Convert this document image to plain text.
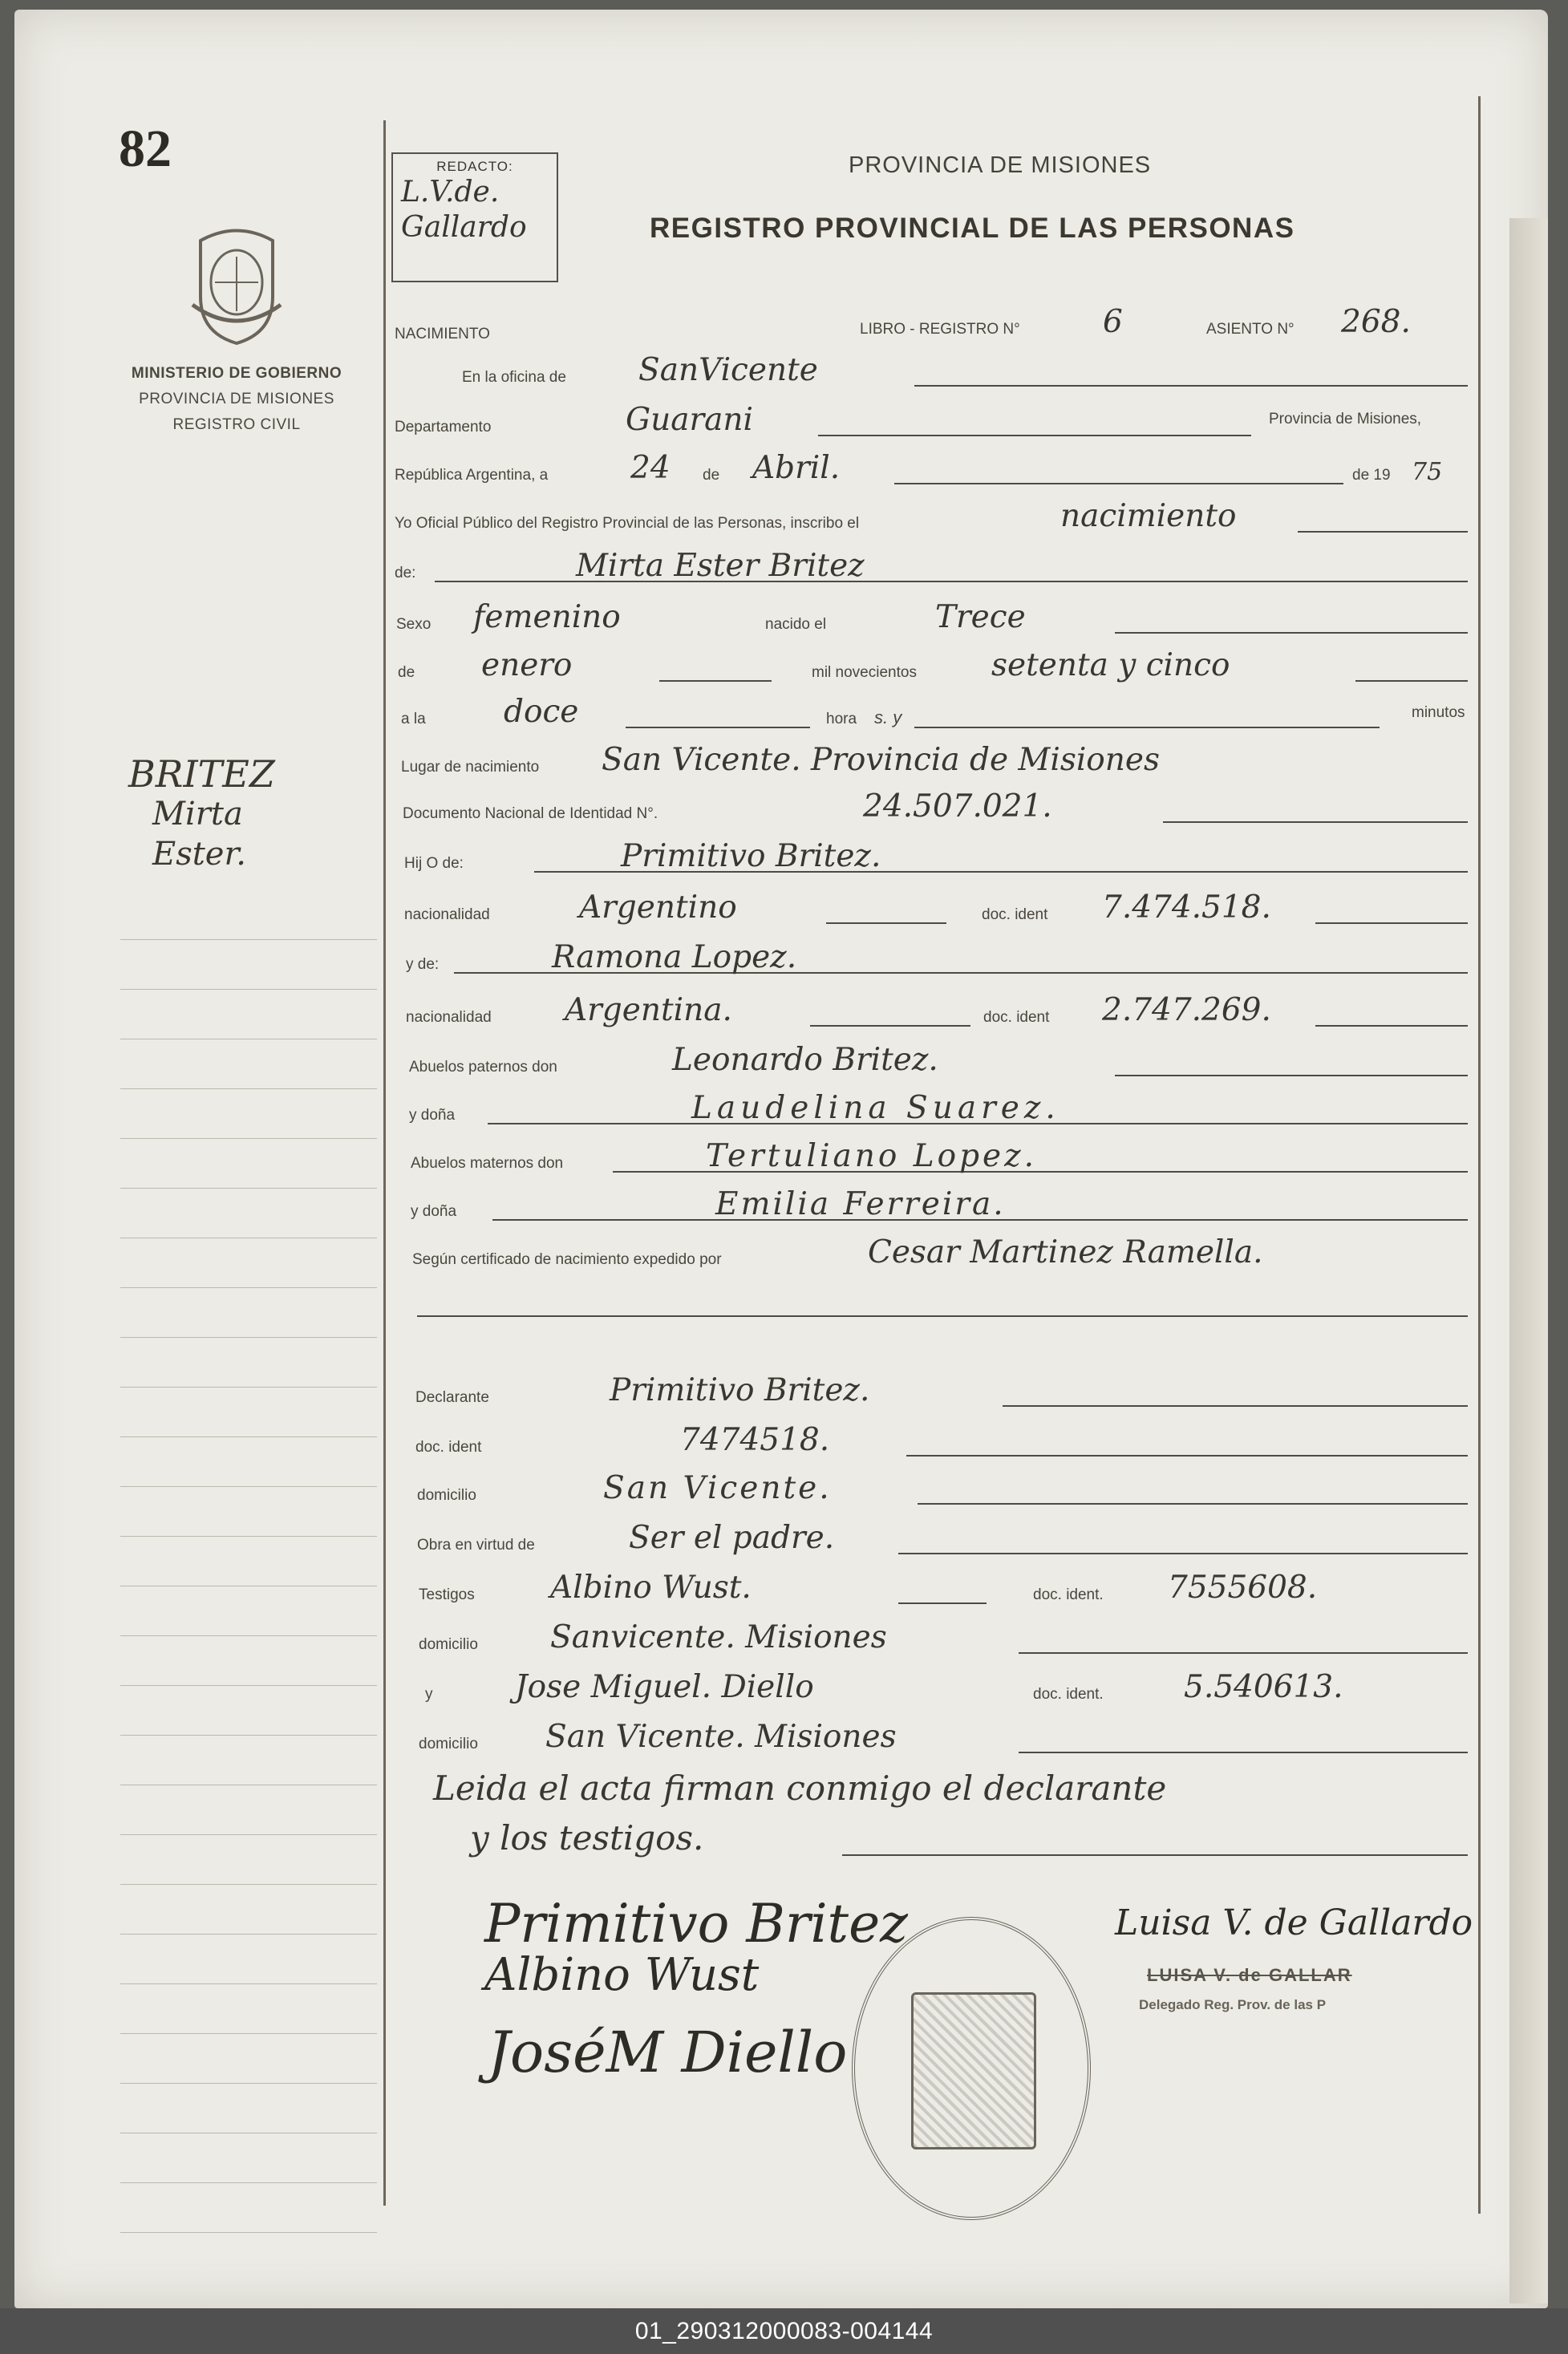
82
MINISTERIO DE GOBIERNO
PROVINCIA DE MISIONES
REGISTRO CIVIL
BRITEZ
Mirta
Ester.
REDACTO:
L.V.de.
Gallardo
PROVINCIA DE MISIONES
REGISTRO PROVINCIAL DE LAS PERSONAS
NACIMIENTO	LIBRO - REGISTRO N°	6	ASIENTO N° 268.
En la oficina de SanVicente
Departamento	Guarani	Provincia de Misiones,
República Argentina, a	24 de Abril.	de 19 75
Yo Oficial Público del Registro Provincial de las Personas, inscribo el	nacimiento
de:	Mirta Ester Britez
Sexo femenino	nacido el	Trece
de enero	mil novecientos setenta y cinco
a la doce	hora s. y	minutos
Lugar de nacimiento San Vicente. Provincia de Misiones
Documento Nacional de Identidad N°.	24.507.021.
Hij O de:	Primitivo Britez.
nacionalidad	Argentino	doc. ident 7.474.518.
y de:	Ramona Lopez.
nacionalidad Argentina.	doc. ident 2.747.269.
Abuelos paternos don	Leonardo Britez.
y doña	Laudelina Suarez.
Abuelos maternos don	Tertuliano Lopez.
y doña	Emilia Ferreira.
Según certificado de nacimiento expedido por	Cesar Martinez Ramella.
Declarante	Primitivo Britez.
doc. ident	7474518.
domicilio	San Vicente.
Obra en virtud de	Ser el padre.
Testigos Albino Wust.	doc. ident. 7555608.
domicilio Sanvicente. Misiones
y	Jose Miguel. Diello	doc. ident.	5.540613.
domicilio San Vicente. Misiones
Leida el acta firman conmigo el declarante
y los testigos.
Primitivo Britez
Albino Wust
JoséM Diello
Luisa V. de Gallardo
LUISA V. de GALLAR
Delegado Reg. Prov. de las P
01_290312000083-004144
